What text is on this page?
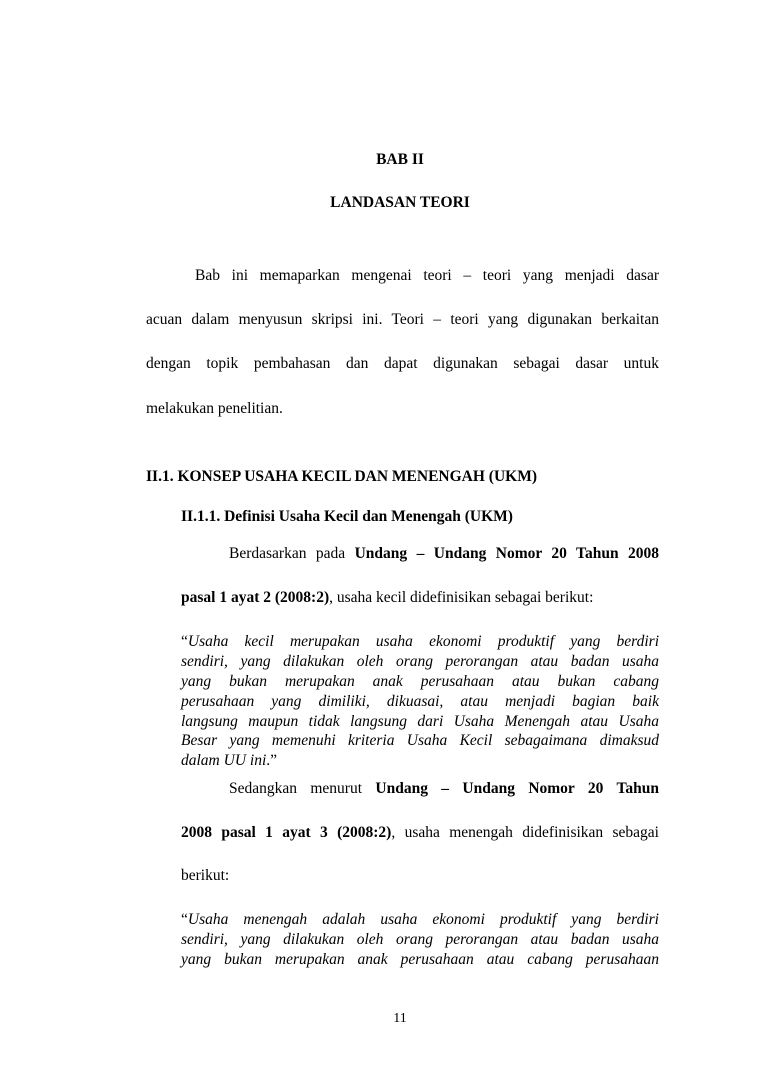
BAB II
LANDASAN TEORI
Bab ini memaparkan mengenai teori – teori yang menjadi dasar
acuan dalam menyusun skripsi ini. Teori – teori yang digunakan berkaitan
dengan topik pembahasan dan dapat digunakan sebagai dasar untuk
melakukan penelitian.
II.1. KONSEP USAHA KECIL DAN MENENGAH (UKM)
II.1.1. Definisi Usaha Kecil dan Menengah (UKM)
Berdasarkan pada Undang – Undang Nomor 20 Tahun 2008
pasal 1 ayat 2 (2008:2), usaha kecil didefinisikan sebagai berikut:
“Usaha kecil merupakan usaha ekonomi produktif yang berdiri
sendiri, yang dilakukan oleh orang perorangan atau badan usaha
yang bukan merupakan anak perusahaan atau bukan cabang
perusahaan yang dimiliki, dikuasai, atau menjadi bagian baik
langsung maupun tidak langsung dari Usaha Menengah atau Usaha
Besar yang memenuhi kriteria Usaha Kecil sebagaimana dimaksud
dalam UU ini.”
Sedangkan menurut Undang – Undang Nomor 20 Tahun
2008 pasal 1 ayat 3 (2008:2), usaha menengah didefinisikan sebagai
berikut:
“Usaha menengah adalah usaha ekonomi produktif yang berdiri
sendiri, yang dilakukan oleh orang perorangan atau badan usaha
yang bukan merupakan anak perusahaan atau cabang perusahaan
11
